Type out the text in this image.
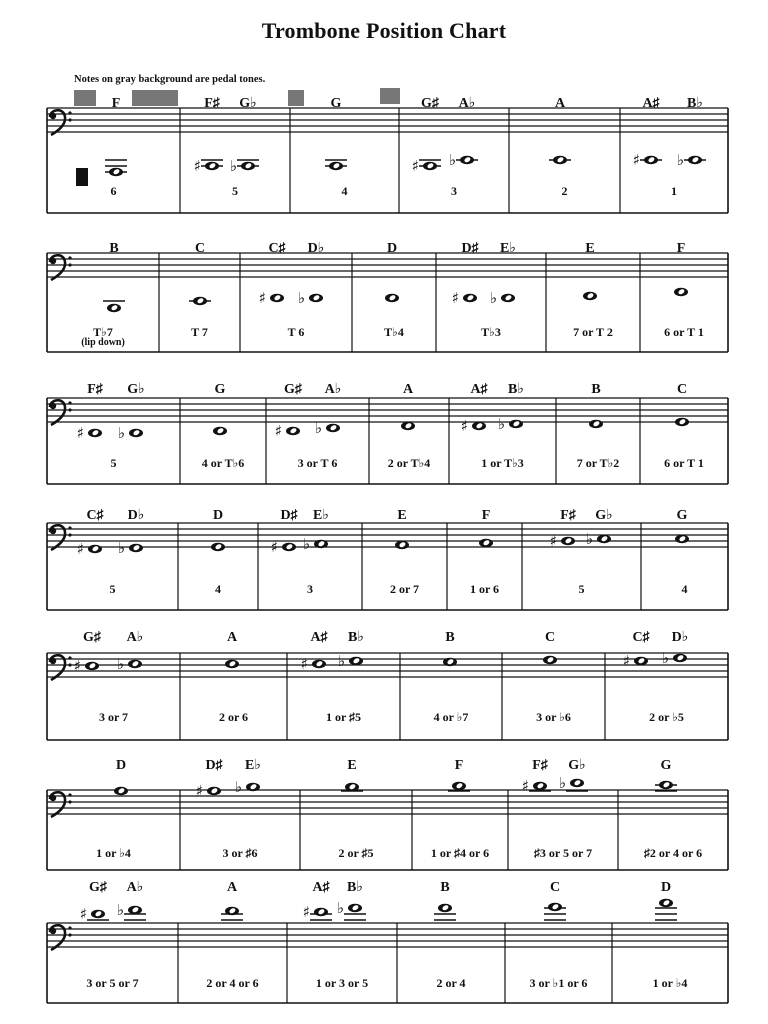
Trombone Position Chart
Notes on gray background are pedal tones.
F
6
F♯ G♭
♯ ♭
5
G
4
G♯ A♭
♯ ♭
3
A
2
A♯ B♭
♯ ♭
1
B
T♭7
(lip down)
C
T 7
C♯ D♭
♯ ♭
T 6
D
T♭4
D♯ E♭
♯ ♭
T♭3
E
7 or T 2
F
6 or T 1
F♯ G♭
♯ ♭
5
G
4 or T♭6
G♯ A♭
♯ ♭
3 or T 6
A
2 or T♭4
A♯ B♭
♯ ♭
1 or T♭3
B
7 or T♭2
C
6 or T 1
C♯ D♭
♯ ♭
5
D
4
D♯ E♭
♯ ♭
3
E
2 or 7
F
1 or 6
F♯ G♭
♯ ♭
5
G
4
G♯ A♭
♯ ♭
3 or 7
A
2 or 6
A♯ B♭
♯ ♭
1 or ♯5
B
4 or ♭7
C
3 or ♭6
C♯ D♭
♯ ♭
2 or ♭5
D
1 or ♭4
D♯ E♭
♯ ♭
3 or ♯6
E
2 or ♯5
F
1 or ♯4 or 6
F♯ G♭
♯ ♭
♯3 or 5 or 7
G
♯2 or 4 or 6
G♯ A♭
♯ ♭
3 or 5 or 7
A
2 or 4 or 6
A♯ B♭
♯ ♭
1 or 3 or 5
B
2 or 4
C
3 or ♭1 or 6
D
1 or ♭4
